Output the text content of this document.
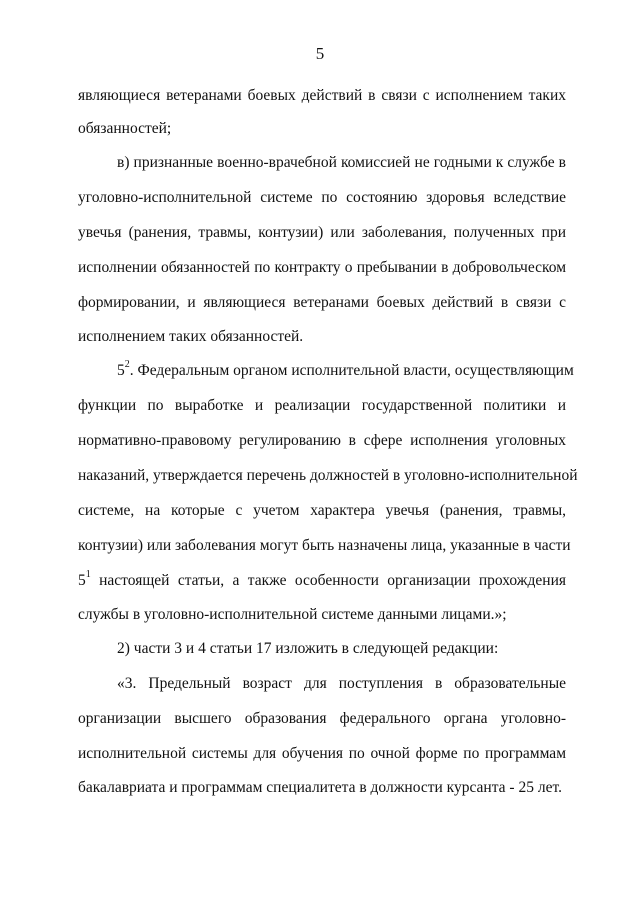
5
являющиеся ветеранами боевых действий в связи с исполнением таких
обязанностей;
в) признанные военно-врачебной комиссией не годными к службе в
уголовно-исполнительной системе по состоянию здоровья вследствие
увечья (ранения, травмы, контузии) или заболевания, полученных при
исполнении обязанностей по контракту о пребывании в добровольческом
формировании, и являющиеся ветеранами боевых действий в связи с
исполнением таких обязанностей.
$5^2$. Федеральным органом исполнительной власти, осуществляющим
функции по выработке и реализации государственной политики и
нормативно-правовому регулированию в сфере исполнения уголовных
наказаний, утверждается перечень должностей в уголовно-исполнительной
системе, на которые с учетом характера увечья (ранения, травмы,
контузии) или заболевания могут быть назначены лица, указанные в части
$5^1$ настоящей статьи, а также особенности организации прохождения
службы в уголовно-исполнительной системе данными лицами.»;
2) части 3 и 4 статьи 17 изложить в следующей редакции:
«3. Предельный возраст для поступления в образовательные
организации высшего образования федерального органа уголовно-
исполнительной системы для обучения по очной форме по программам
бакалавриата и программам специалитета в должности курсанта - 25 лет.
